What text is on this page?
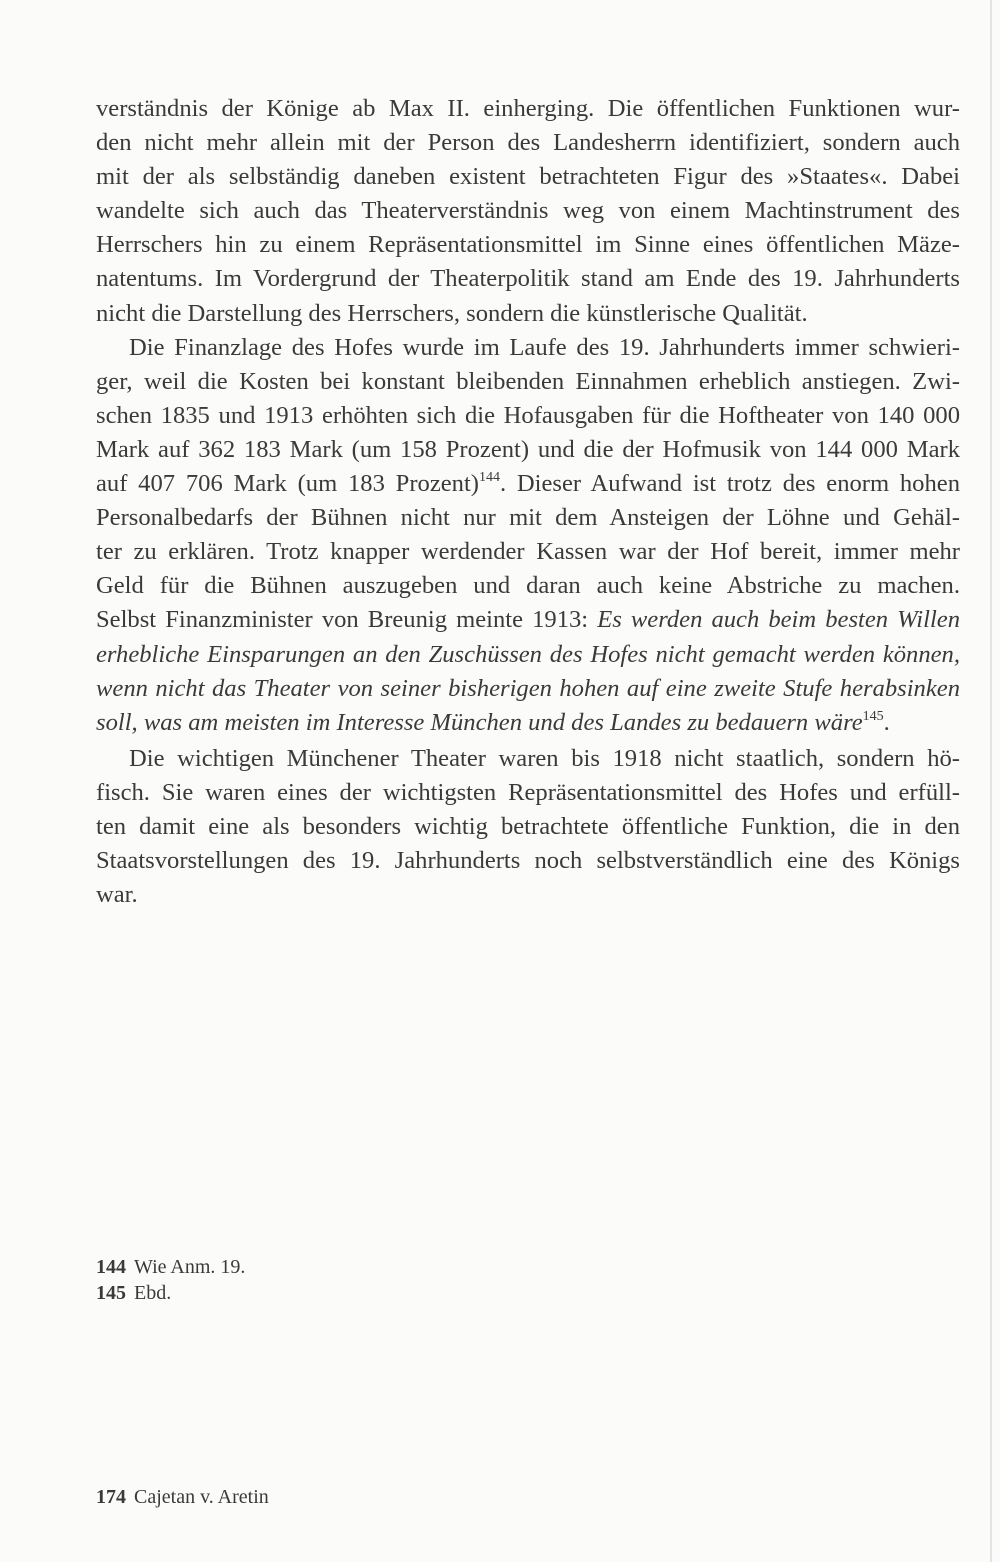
verständnis der Könige ab Max II. einherging. Die öffentlichen Funktionen wur-
den nicht mehr allein mit der Person des Landesherrn identifiziert, sondern auch
mit der als selbständig daneben existent betrachteten Figur des »Staates«. Dabei
wandelte sich auch das Theaterverständnis weg von einem Machtinstrument des
Herrschers hin zu einem Repräsentationsmittel im Sinne eines öffentlichen Mäze-
natentums. Im Vordergrund der Theaterpolitik stand am Ende des 19. Jahrhunderts
nicht die Darstellung des Herrschers, sondern die künstlerische Qualität.
Die Finanzlage des Hofes wurde im Laufe des 19. Jahrhunderts immer schwieri-
ger, weil die Kosten bei konstant bleibenden Einnahmen erheblich anstiegen. Zwi-
schen 1835 und 1913 erhöhten sich die Hofausgaben für die Hoftheater von 140 000
Mark auf 362 183 Mark (um 158 Prozent) und die der Hofmusik von 144 000 Mark
auf 407 706 Mark (um 183 Prozent)$^{144}$. Dieser Aufwand ist trotz des enorm hohen
Personalbedarfs der Bühnen nicht nur mit dem Ansteigen der Löhne und Gehäl-
ter zu erklären. Trotz knapper werdender Kassen war der Hof bereit, immer mehr
Geld für die Bühnen auszugeben und daran auch keine Abstriche zu machen.
Selbst Finanzminister von Breunig meinte 1913: Es werden auch beim besten Willen
erhebliche Einsparungen an den Zuschüssen des Hofes nicht gemacht werden können,
wenn nicht das Theater von seiner bisherigen hohen auf eine zweite Stufe herabsinken
soll, was am meisten im Interesse München und des Landes zu bedauern wäre$^{145}$.
Die wichtigen Münchener Theater waren bis 1918 nicht staatlich, sondern hö-
fisch. Sie waren eines der wichtigsten Repräsentationsmittel des Hofes und erfüll-
ten damit eine als besonders wichtig betrachtete öffentliche Funktion, die in den
Staatsvorstellungen des 19. Jahrhunderts noch selbstverständlich eine des Königs
war.
144 Wie Anm. 19.
145 Ebd.
174 Cajetan v. Aretin
